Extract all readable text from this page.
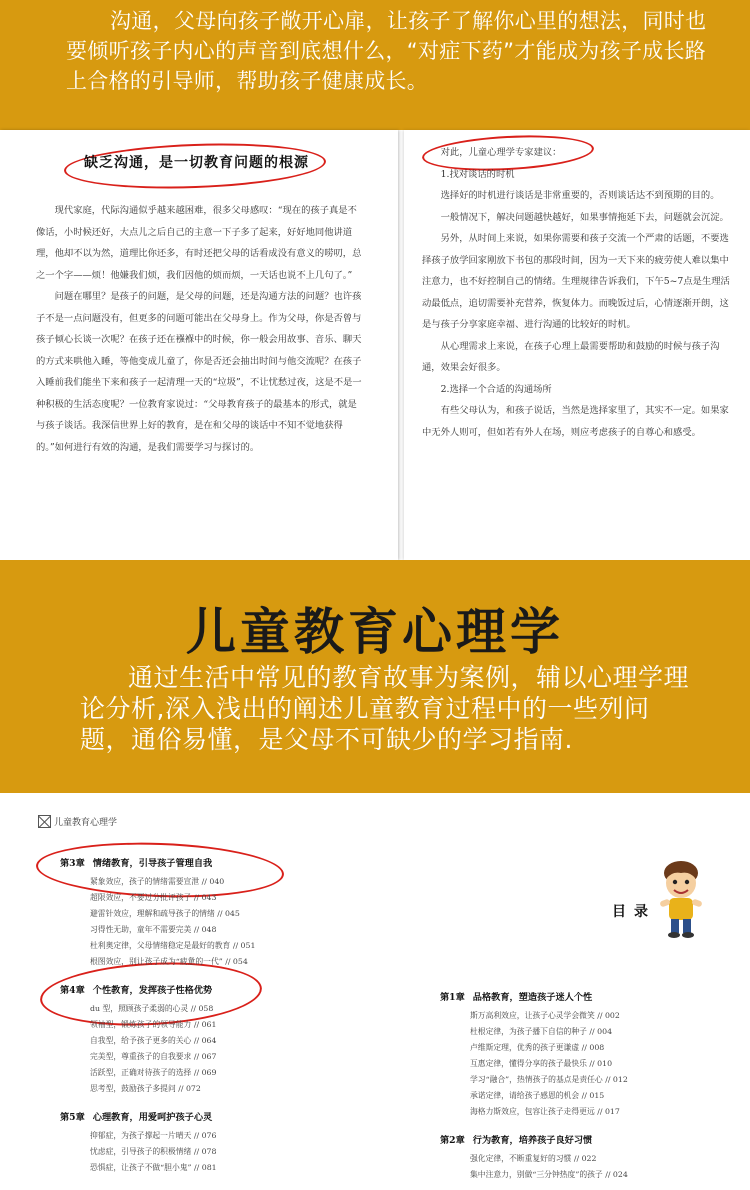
沟通，父母向孩子敞开心扉，让孩子了解你心里的想法，同时也要倾听孩子内心的声音到底想什么，“对症下药”才能成为孩子成长路上合格的引导师，帮助孩子健康成长。

缺乏沟通，是一切教育问题的根源

现代家庭，代际沟通似乎越来越困难，很多父母感叹：“现在的孩子真是不像话，小时候还好，大点儿之后自己的主意一下子多了起来，好好地同他讲道理，他却不以为然，道理比你还多，有时还把父母的话看成没有意义的唠叨，总之一个字——烦！他嫌我们烦，我们因他的烦而烦，一天话也说不上几句了。”

问题在哪里？是孩子的问题，是父母的问题，还是沟通方法的问题？也许孩子不是一点问题没有，但更多的问题可能出在父母身上。作为父母，你是否曾与孩子倾心长谈一次呢？在孩子还在襁褓中的时候，你一般会用故事、音乐、聊天的方式来哄他入睡，等他变成儿童了，你是否还会抽出时间与他交流呢？在孩子入睡前我们能坐下来和孩子一起清理一天的“垃圾”，不让忧愁过夜，这是不是一种积极的生活态度呢？一位教育家说过：“父母教育孩子的最基本的形式，就是与孩子谈话。我深信世界上好的教育，是在和父母的谈话中不知不觉地获得的。”如何进行有效的沟通，是我们需要学习与探讨的。

对此，儿童心理学专家建议：

1.找对谈话的时机

选择好的时机进行谈话是非常重要的，否则谈话达不到预期的目的。

一般情况下，解决问题越快越好，如果事情拖延下去，问题就会沉淀。

另外，从时间上来说，如果你需要和孩子交流一个严肃的话题，不要选择孩子放学回家刚放下书包的那段时间，因为一天下来的疲劳使人难以集中注意力，也不好控制自己的情绪。生理规律告诉我们，下午5~7点是生理活动最低点，追切需要补充营养，恢复体力。而晚饭过后，心情逐渐开朗，这是与孩子分享家庭幸福、进行沟通的比较好的时机。

从心理需求上来说，在孩子心理上最需要帮助和鼓励的时候与孩子沟通，效果会好很多。

2.选择一个合适的沟通场所

有些父母认为，和孩子说话，当然是选择家里了，其实不一定。如果家中无外人则可，但如若有外人在场，则应考虑孩子的自尊心和感受。

儿童教育心理学

通过生活中常见的教育故事为案例，辅以心理学理论分析,深入浅出的阐述儿童教育过程中的一些列问题，通俗易懂，是父母不可缺少的学习指南.

儿童教育心理学
第3章 情绪教育，引导孩子管理自我
紧象效应，孩子的情绪需要宣泄 // 040
超限效应，不要过分批评孩子 // 043
避雷针效应，理解和疏导孩子的情绪 // 045
习得性无助，童年不需要完美 // 048
杜利奥定律，父母情绪稳定是最好的教育 // 051
根图效应，别让孩子成为“疲惫的一代” // 054
第4章 个性教育，发挥孩子性格优势
du 型，照顾孩子柔弱的心灵 // 058
领袖型，锻炼孩子的领导能力 // 061
自我型，给予孩子更多的关心 // 064
完美型，尊重孩子的自我要求 // 067
活跃型，正确对待孩子的选择 // 069
思考型，鼓励孩子多提问 // 072
第5章 心理教育，用爱呵护孩子心灵
抑郁症，为孩子撑起一片晴天 // 076
忧虑症，引导孩子的积极情绪 // 078
恐惧症，让孩子不做“胆小鬼” // 081
目录
第1章 品格教育，塑造孩子迷人个性
斯万高利效应，让孩子心灵学会微笑 // 002
杜根定律，为孩子播下自信的种子 // 004
卢维斯定理，优秀的孩子更谦虚 // 008
互惠定律，懂得分享的孩子最快乐 // 010
学习“融合”，热情孩子的基点是责任心 // 012
承诺定律，请给孩子感恩的机会 // 015
海格力斯效应，包容让孩子走得更远 // 017
第2章 行为教育，培养孩子良好习惯
强化定律，不断重复好的习惯 // 022
集中注意力，别做“三分钟热度”的孩子 // 024
